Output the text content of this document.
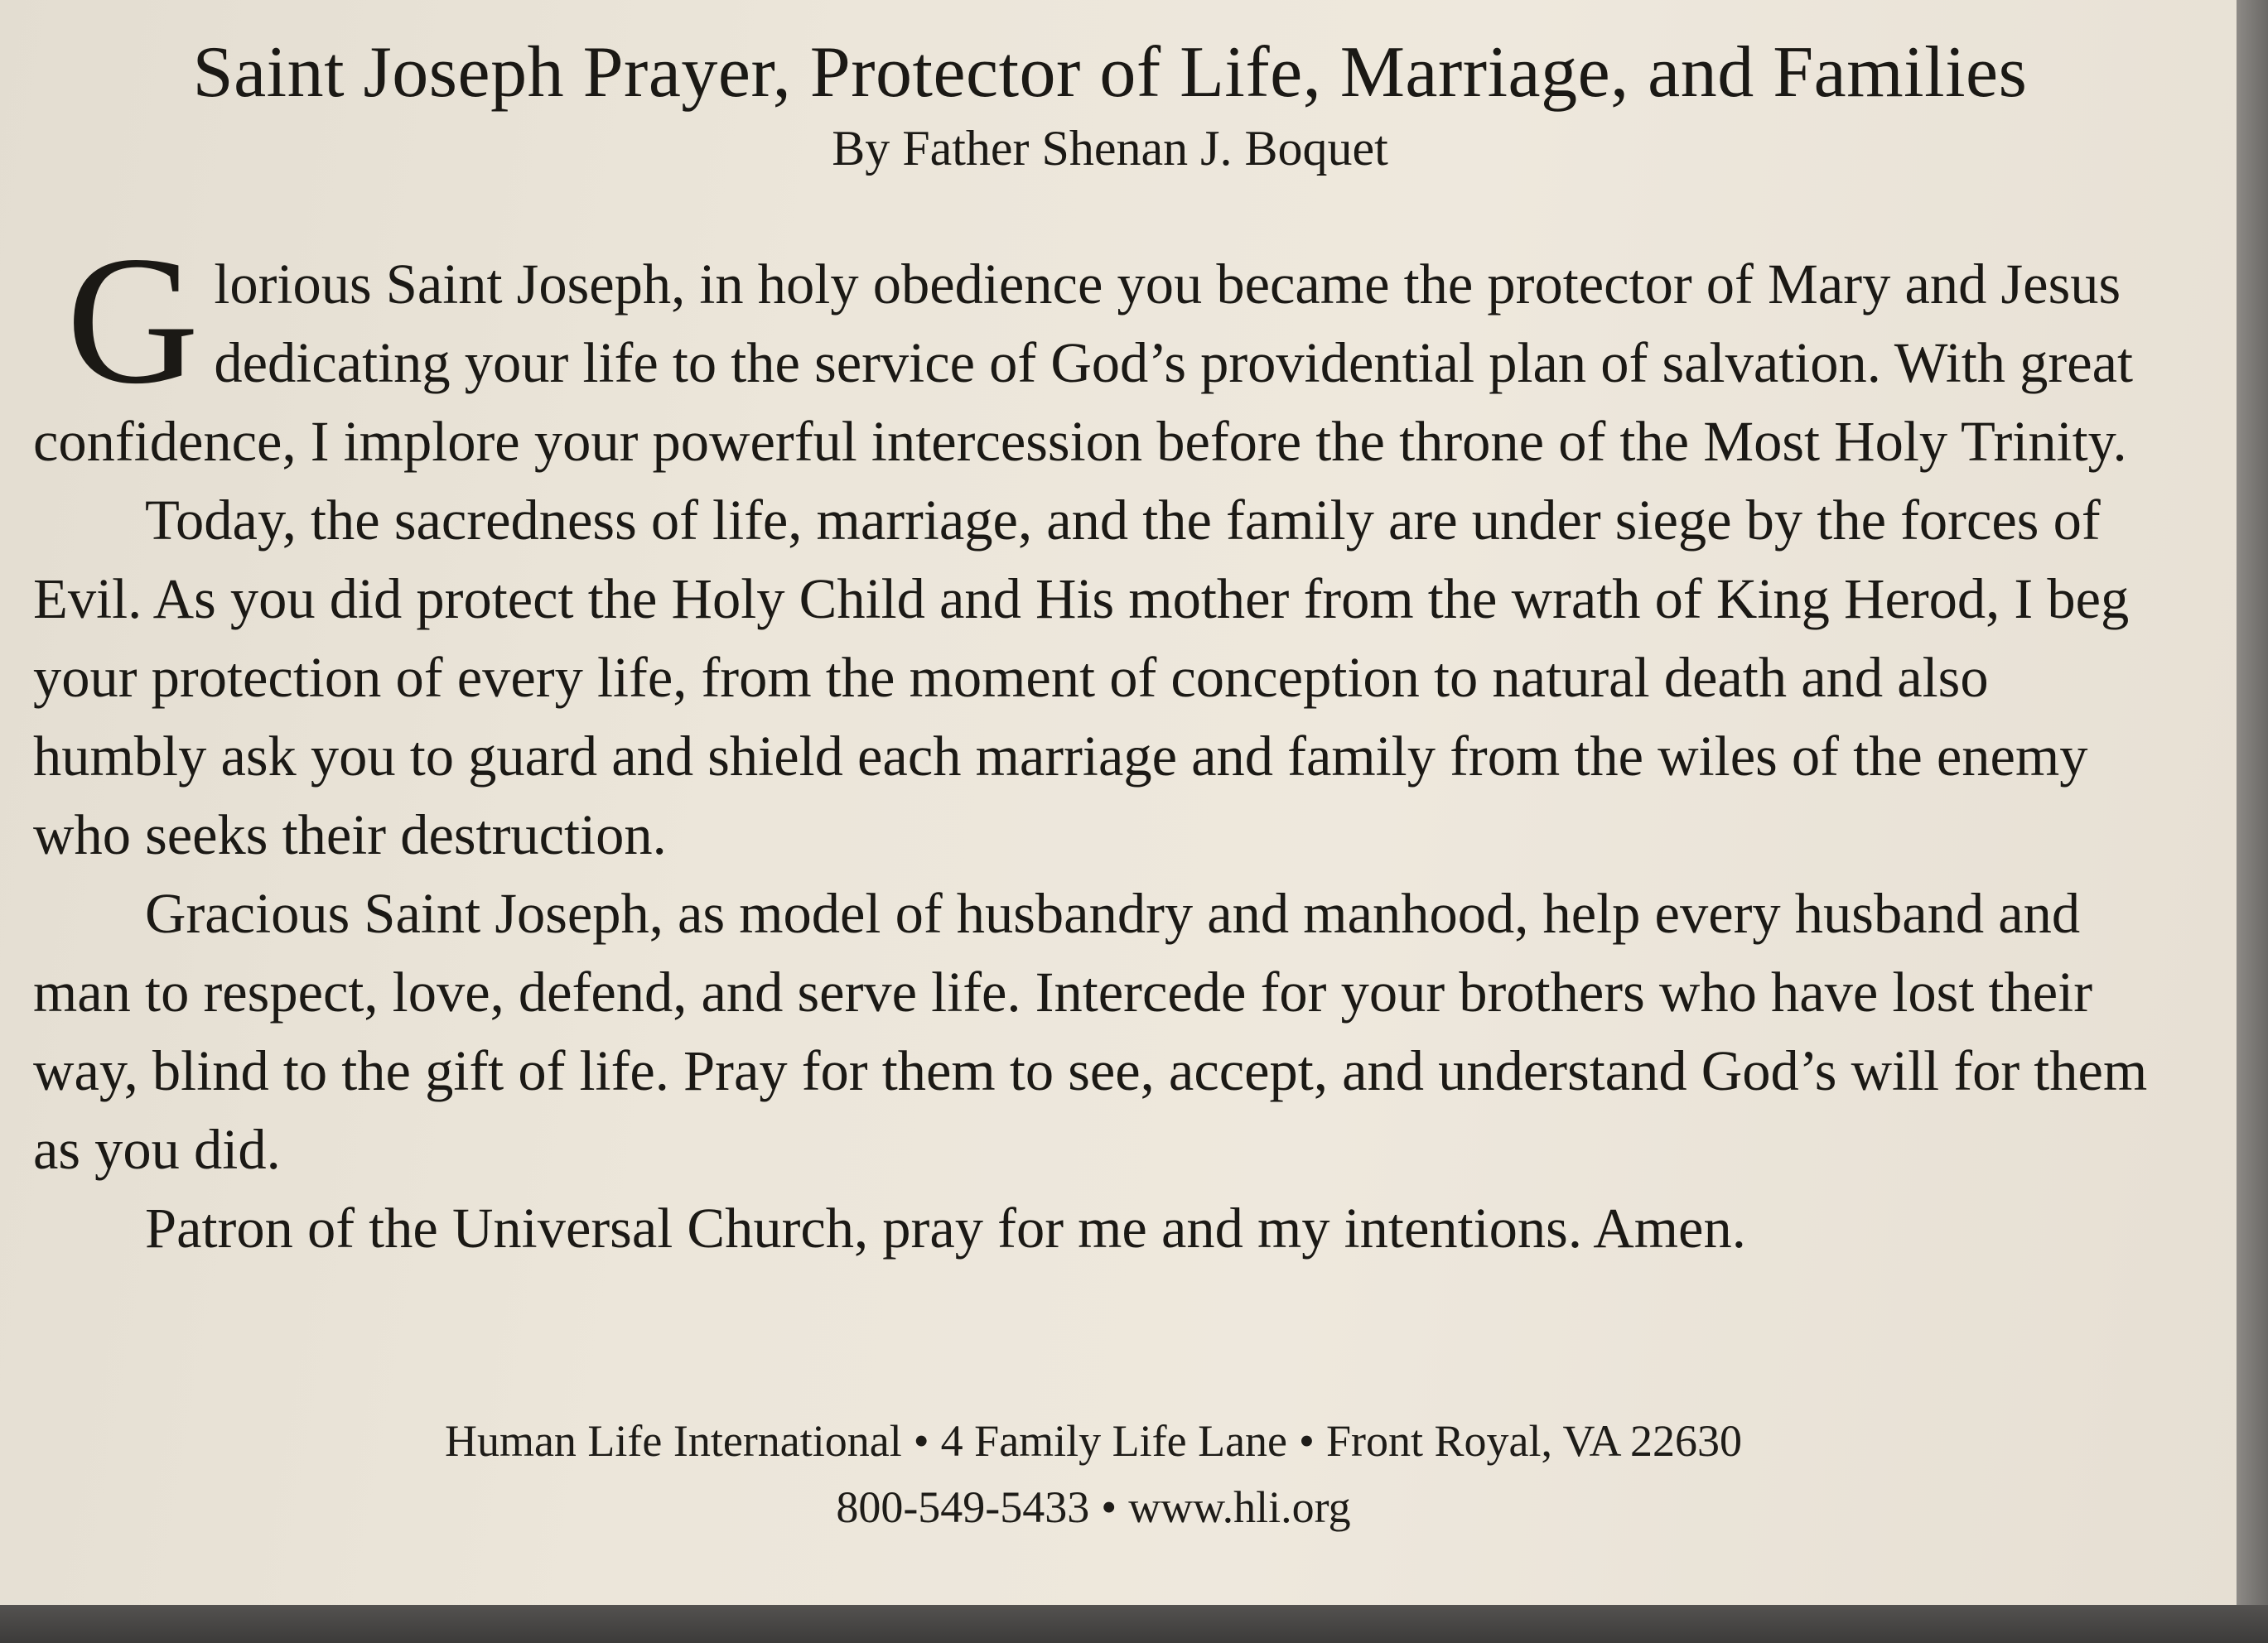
Saint Joseph Prayer, Protector of Life, Marriage, and Families

By Father Shenan J. Boquet

Glorious Saint Joseph, in holy obedience you became the protector of Mary and Jesus dedicating your life to the service of God’s providential plan of salvation. With great confidence, I implore your powerful intercession before the throne of the Most Holy Trinity.

Today, the sacredness of life, marriage, and the family are under siege by the forces of Evil. As you did protect the Holy Child and His mother from the wrath of King Herod, I beg your protection of every life, from the moment of conception to natural death and also humbly ask you to guard and shield each marriage and family from the wiles of the enemy who seeks their destruction.

Gracious Saint Joseph, as model of husbandry and manhood, help every husband and man to respect, love, defend, and serve life. Intercede for your brothers who have lost their way, blind to the gift of life. Pray for them to see, accept, and understand God’s will for them as you did.

Patron of the Universal Church, pray for me and my intentions. Amen.

Human Life International • 4 Family Life Lane • Front Royal, VA 22630
800-549-5433 • www.hli.org
